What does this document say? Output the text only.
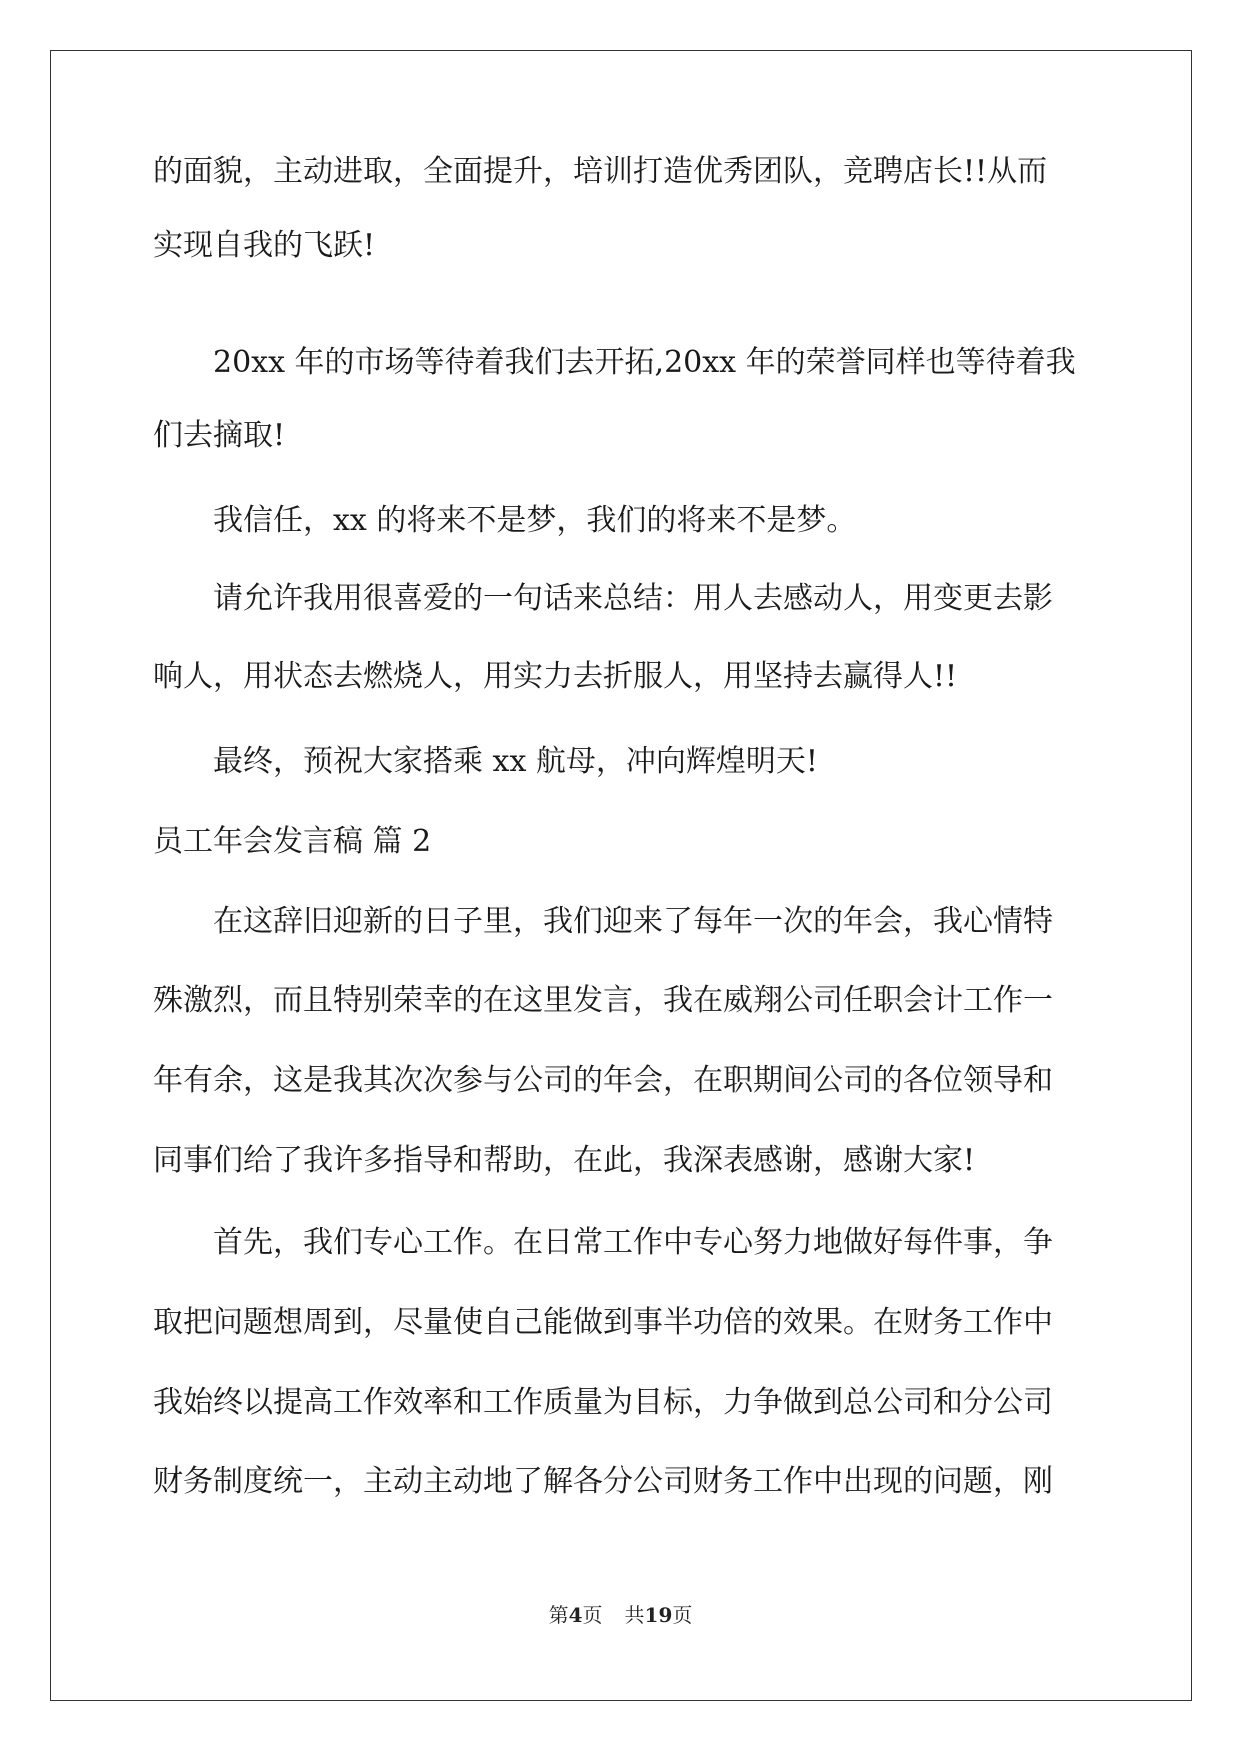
的面貌，主动进取，全面提升，培训打造优秀团队，竞聘店长!!从而
实现自我的飞跃!
20xx 年的市场等待着我们去开拓,20xx 年的荣誉同样也等待着我
们去摘取!
我信任，xx 的将来不是梦，我们的将来不是梦。
请允许我用很喜爱的一句话来总结：用人去感动人，用变更去影
响人，用状态去燃烧人，用实力去折服人，用坚持去赢得人!!
最终，预祝大家搭乘 xx 航母，冲向辉煌明天!
员工年会发言稿 篇 2
在这辞旧迎新的日子里，我们迎来了每年一次的年会，我心情特
殊激烈，而且特别荣幸的在这里发言，我在威翔公司任职会计工作一
年有余，这是我其次次参与公司的年会，在职期间公司的各位领导和
同事们给了我许多指导和帮助，在此，我深表感谢，感谢大家!
首先，我们专心工作。在日常工作中专心努力地做好每件事，争
取把问题想周到，尽量使自己能做到事半功倍的效果。在财务工作中
我始终以提高工作效率和工作质量为目标，力争做到总公司和分公司
财务制度统一，主动主动地了解各分公司财务工作中出现的问题，刚
第4页 共19页
